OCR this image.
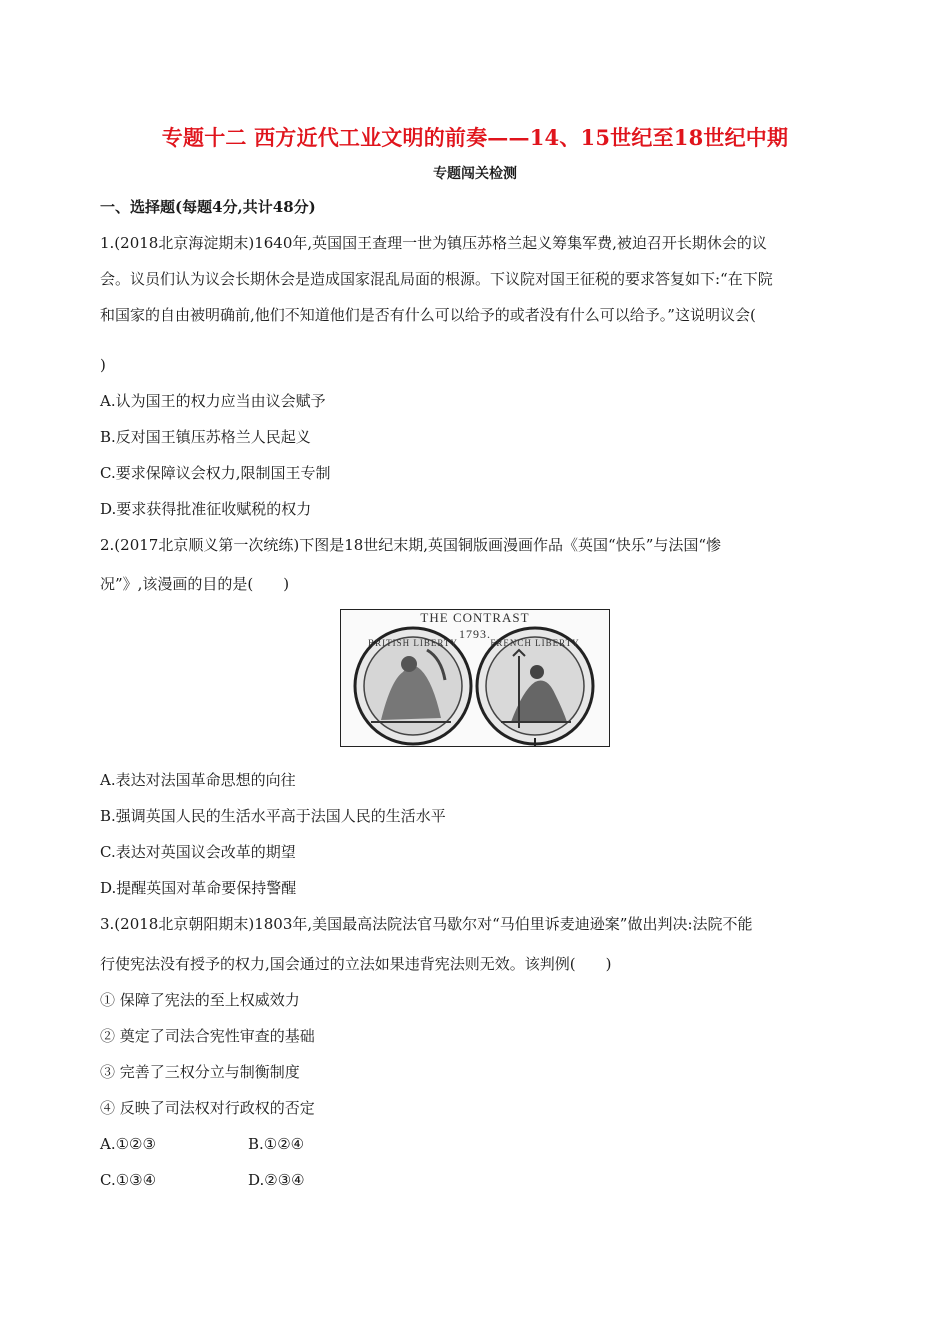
专题十二 西方近代工业文明的前奏——14、15世纪至18世纪中期
专题闯关检测
一、选择题(每题4分,共计48分)
1.(2018北京海淀期末)1640年,英国国王查理一世为镇压苏格兰起义筹集军费,被迫召开长期休会的议
会。议员们认为议会长期休会是造成国家混乱局面的根源。下议院对国王征税的要求答复如下:“在下院
和国家的自由被明确前,他们不知道他们是否有什么可以给予的或者没有什么可以给予。”这说明议会(
)
A.认为国王的权力应当由议会赋予
B.反对国王镇压苏格兰人民起义
C.要求保障议会权力,限制国王专制
D.要求获得批准征收赋税的权力
2.(2017北京顺义第一次统练)下图是18世纪末期,英国铜版画漫画作品《英国“快乐”与法国“惨
况”》,该漫画的目的是(　　)
THE CONTRAST
1793.
BRITISH LIBERTY	FRENCH LIBERTY
A.表达对法国革命思想的向往
B.强调英国人民的生活水平高于法国人民的生活水平
C.表达对英国议会改革的期望
D.提醒英国对革命要保持警醒
3.(2018北京朝阳期末)1803年,美国最高法院法官马歇尔对“马伯里诉麦迪逊案”做出判决:法院不能
行使宪法没有授予的权力,国会通过的立法如果违背宪法则无效。该判例(　　)
① 保障了宪法的至上权威效力
② 奠定了司法合宪性审查的基础
③ 完善了三权分立与制衡制度
④ 反映了司法权对行政权的否定
A.①②③	B.①②④
C.①③④	D.②③④
